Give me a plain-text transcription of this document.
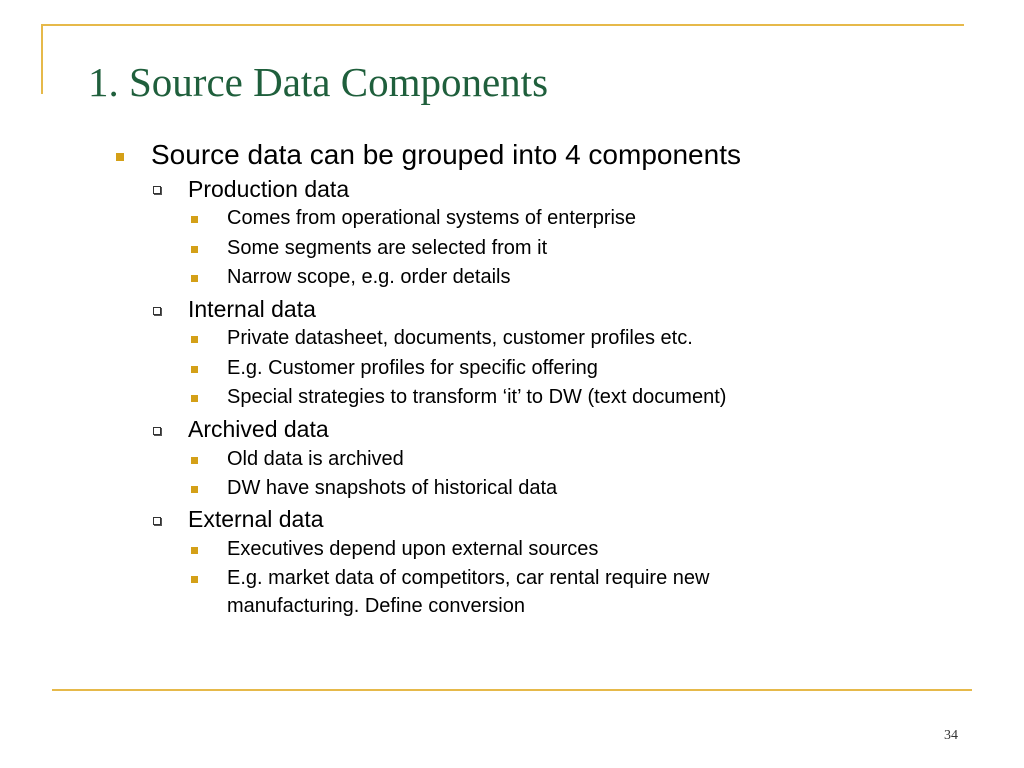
1. Source Data Components
Source data can be grouped into 4 components
Production data
Comes from operational systems of enterprise
Some segments are selected from it
Narrow scope, e.g. order details
Internal data
Private datasheet, documents, customer profiles etc.
E.g. Customer profiles for specific offering
Special strategies to transform ‘it’ to DW (text document)
Archived data
Old data is archived
DW have snapshots of historical data
External data
Executives depend upon external sources
E.g. market data of competitors, car rental require new
manufacturing. Define conversion
34
